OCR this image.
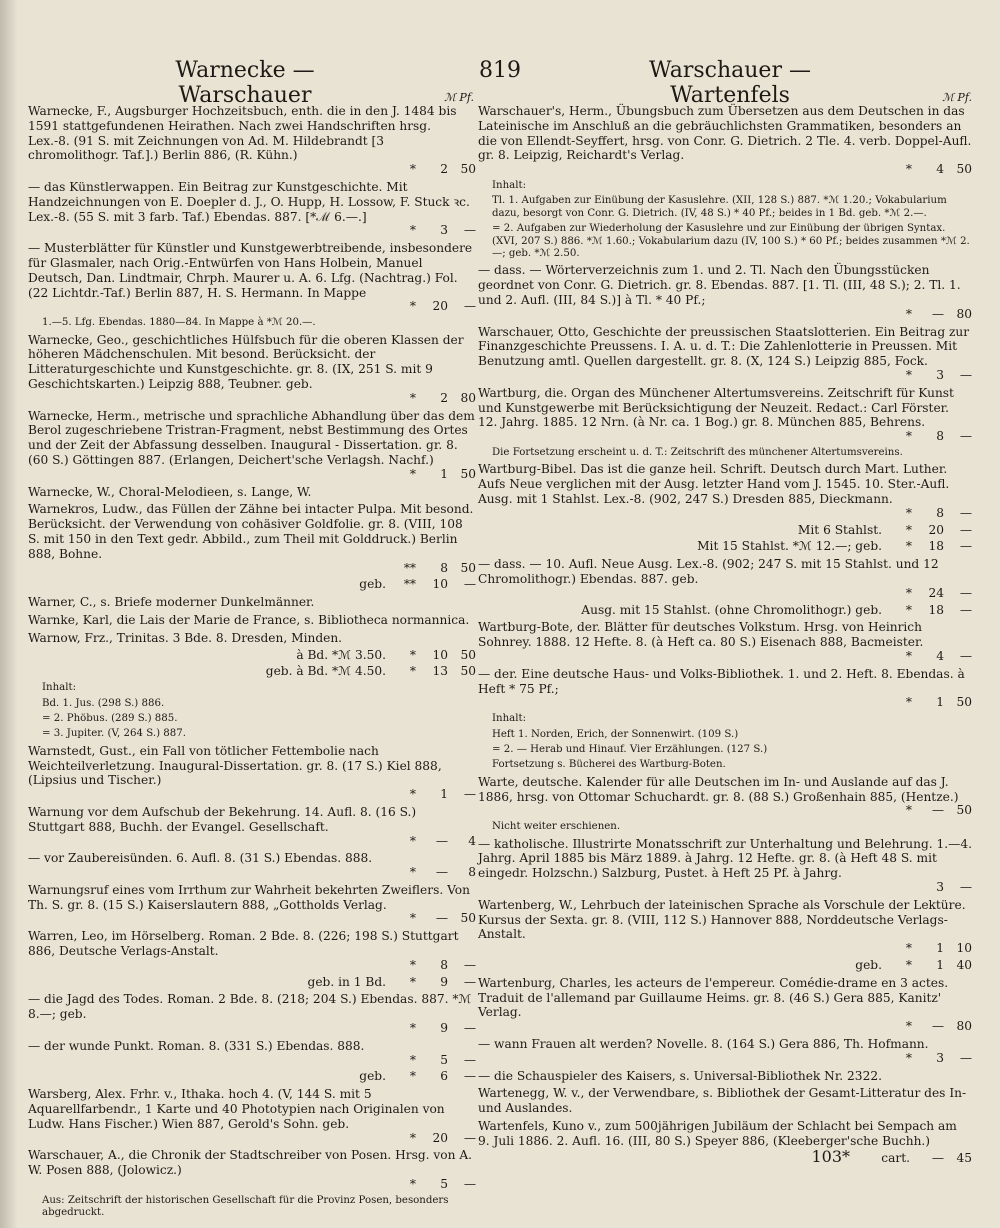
Warnecke — Warschauer
819	Warschauer — Wartenfels
ℳ Pf.
Warnecke, F., Augsburger Hochzeitsbuch, enth. die in den J. 1484 bis 1591 stattgefundenen Heirathen. Nach zwei Handschriften hrsg. Lex.-8. (91 S. mit Zeichnungen von Ad. M. Hildebrandt [3 chromolithogr. Taf.].) Berlin 886, (R. Kühn.)
*	2	50
— das Künstlerwappen. Ein Beitrag zur Kunstgeschichte. Mit Handzeichnungen von E. Doepler d. J., O. Hupp, H. Lossow, F. Stuck ꝛc. Lex.-8. (55 S. mit 3 farb. Taf.) Ebendas. 887. [*ℳ 6.—.]
*	3	—
— Musterblätter für Künstler und Kunstgewerbtreibende, insbesondere für Glasmaler, nach Orig.-Entwürfen von Hans Holbein, Manuel Deutsch, Dan. Lindtmair, Chrph. Maurer u. A. 6. Lfg. (Nachtrag.) Fol. (22 Lichtdr.-Taf.) Berlin 887, H. S. Hermann. In Mappe
*	20	—
1.—5. Lfg. Ebendas. 1880—84. In Mappe à *ℳ 20.—.
Warnecke, Geo., geschichtliches Hülfsbuch für die oberen Klassen der höheren Mädchenschulen. Mit besond. Berücksicht. der Litteraturgeschichte und Kunstgeschichte. gr. 8. (IX, 251 S. mit 9 Geschichtskarten.) Leipzig 888, Teubner. geb.
*	2	80
Warnecke, Herm., metrische und sprachliche Abhandlung über das dem Berol zugeschriebene Tristran-Fragment, nebst Bestimmung des Ortes und der Zeit der Abfassung desselben. Inaugural - Dissertation. gr. 8. (60 S.) Göttingen 887. (Erlangen, Deichert'sche Verlagsh. Nachf.)
*	1	50
Warnecke, W., Choral-Melodieen, s. Lange, W.
Warnekros, Ludw., das Füllen der Zähne bei intacter Pulpa. Mit besond. Berücksicht. der Verwendung von cohäsiver Goldfolie. gr. 8. (VIII, 108 S. mit 150 in den Text gedr. Abbild., zum Theil mit Golddruck.) Berlin 888, Bohne.
**	8	50
geb.	**	10	—
Warner, C., s. Briefe moderner Dunkelmänner.
Warnke, Karl, die Lais der Marie de France, s. Bibliotheca normannica.
Warnow, Frz., Trinitas. 3 Bde. 8. Dresden, Minden.
à Bd. *ℳ 3.50.	*	10	50
geb. à Bd. *ℳ 4.50.	*	13	50
Inhalt:
Bd. 1. Jus. (298 S.) 886.
= 2. Phöbus. (289 S.) 885.
= 3. Jupiter. (V, 264 S.) 887.
Warnstedt, Gust., ein Fall von tötlicher Fettembolie nach Weichteilverletzung. Inaugural-Dissertation. gr. 8. (17 S.) Kiel 888, (Lipsius und Tischer.)
*	1	—
Warnung vor dem Aufschub der Bekehrung. 14. Aufl. 8. (16 S.) Stuttgart 888, Buchh. der Evangel. Gesellschaft.
*	—	4
— vor Zaubereisünden. 6. Aufl. 8. (31 S.) Ebendas. 888.
*	—	8
Warnungsruf eines vom Irrthum zur Wahrheit bekehrten Zweiflers. Von Th. S. gr. 8. (15 S.) Kaiserslautern 888, „Gottholds Verlag.
*	—	50
Warren, Leo, im Hörselberg. Roman. 2 Bde. 8. (226; 198 S.) Stuttgart 886, Deutsche Verlags-Anstalt.
*	8	—
geb. in 1 Bd.	*	9	—
— die Jagd des Todes. Roman. 2 Bde. 8. (218; 204 S.) Ebendas. 887. *ℳ 8.—; geb.
*	9	—
— der wunde Punkt. Roman. 8. (331 S.) Ebendas. 888.
*	5	—
geb.	*	6	—
Warsberg, Alex. Frhr. v., Ithaka. hoch 4. (V, 144 S. mit 5 Aquarellfarbendr., 1 Karte und 40 Phototypien nach Originalen von Ludw. Hans Fischer.) Wien 887, Gerold's Sohn. geb.
*	20	—
Warschauer, A., die Chronik der Stadtschreiber von Posen. Hrsg. von A. W. Posen 888, (Jolowicz.)
*	5	—
Aus: Zeitschrift der historischen Gesellschaft für die Provinz Posen, besonders abgedruckt.
ℳ Pf.
Warschauer's, Herm., Übungsbuch zum Übersetzen aus dem Deutschen in das Lateinische im Anschluß an die gebräuchlichsten Grammatiken, besonders an die von Ellendt-Seyffert, hrsg. von Conr. G. Dietrich. 2 Tle. 4. verb. Doppel-Aufl. gr. 8. Leipzig, Reichardt's Verlag.
*	4	50
Inhalt:
Tl. 1. Aufgaben zur Einübung der Kasuslehre. (XII, 128 S.) 887. *ℳ 1.20.; Vokabularium dazu, besorgt von Conr. G. Dietrich. (IV, 48 S.) * 40 Pf.; beides in 1 Bd. geb. *ℳ 2.—.
= 2. Aufgaben zur Wiederholung der Kasuslehre und zur Einübung der übrigen Syntax. (XVI, 207 S.) 886. *ℳ 1.60.; Vokabularium dazu (IV, 100 S.) * 60 Pf.; beides zusammen *ℳ 2.—; geb. *ℳ 2.50.
— dass. — Wörterverzeichnis zum 1. und 2. Tl. Nach den Übungsstücken geordnet von Conr. G. Dietrich. gr. 8. Ebendas. 887. [1. Tl. (III, 48 S.); 2. Tl. 1. und 2. Aufl. (III, 84 S.)] à Tl. * 40 Pf.;
*	—	80
Warschauer, Otto, Geschichte der preussischen Staatslotterien. Ein Beitrag zur Finanzgeschichte Preussens. I. A. u. d. T.: Die Zahlenlotterie in Preussen. Mit Benutzung amtl. Quellen dargestellt. gr. 8. (X, 124 S.) Leipzig 885, Fock.
*	3	—
Wartburg, die. Organ des Münchener Altertumsvereins. Zeitschrift für Kunst und Kunstgewerbe mit Berücksichtigung der Neuzeit. Redact.: Carl Förster. 12. Jahrg. 1885. 12 Nrn. (à Nr. ca. 1 Bog.) gr. 8. München 885, Behrens.
*	8	—
Die Fortsetzung erscheint u. d. T.: Zeitschrift des münchener Altertumsvereins.
Wartburg-Bibel. Das ist die ganze heil. Schrift. Deutsch durch Mart. Luther. Aufs Neue verglichen mit der Ausg. letzter Hand vom J. 1545. 10. Ster.-Aufl. Ausg. mit 1 Stahlst. Lex.-8. (902, 247 S.) Dresden 885, Dieckmann.
*	8	—
Mit 6 Stahlst.	*	20	—
Mit 15 Stahlst. *ℳ 12.—; geb.	*	18	—
— dass. — 10. Aufl. Neue Ausg. Lex.-8. (902; 247 S. mit 15 Stahlst. und 12 Chromolithogr.) Ebendas. 887. geb.
*	24	—
Ausg. mit 15 Stahlst. (ohne Chromolithogr.) geb.	*	18	—
Wartburg-Bote, der. Blätter für deutsches Volkstum. Hrsg. von Heinrich Sohnrey. 1888. 12 Hefte. 8. (à Heft ca. 80 S.) Eisenach 888, Bacmeister.
*	4	—
— der. Eine deutsche Haus- und Volks-Bibliothek. 1. und 2. Heft. 8. Ebendas. à Heft * 75 Pf.;
*	1	50
Inhalt:
Heft 1. Norden, Erich, der Sonnenwirt. (109 S.)
= 2. — Herab und Hinauf. Vier Erzählungen. (127 S.)
Fortsetzung s. Bücherei des Wartburg-Boten.
Warte, deutsche. Kalender für alle Deutschen im In- und Auslande auf das J. 1886, hrsg. von Ottomar Schuchardt. gr. 8. (88 S.) Großenhain 885, (Hentze.)
*	—	50
Nicht weiter erschienen.
— katholische. Illustrirte Monatsschrift zur Unterhaltung und Belehrung. 1.—4. Jahrg. April 1885 bis März 1889. à Jahrg. 12 Hefte. gr. 8. (à Heft 48 S. mit eingedr. Holzschn.) Salzburg, Pustet. à Heft 25 Pf. à Jahrg.
3	—
Wartenberg, W., Lehrbuch der lateinischen Sprache als Vorschule der Lektüre. Kursus der Sexta. gr. 8. (VIII, 112 S.) Hannover 888, Norddeutsche Verlags-Anstalt.
*	1	10
geb.	*	1	40
Wartenburg, Charles, les acteurs de l'empereur. Comédie-drame en 3 actes. Traduit de l'allemand par Guillaume Heims. gr. 8. (46 S.) Gera 885, Kanitz' Verlag.
*	—	80
— wann Frauen alt werden? Novelle. 8. (164 S.) Gera 886, Th. Hofmann.
*	3	—
— die Schauspieler des Kaisers, s. Universal-Bibliothek Nr. 2322.
Wartenegg, W. v., der Verwendbare, s. Bibliothek der Gesamt-Litteratur des In- und Auslandes.
Wartenfels, Kuno v., zum 500jährigen Jubiläum der Schlacht bei Sempach am 9. Juli 1886. 2. Aufl. 16. (III, 80 S.) Speyer 886, (Kleeberger'sche Buchh.)
cart.	—	45
103*
